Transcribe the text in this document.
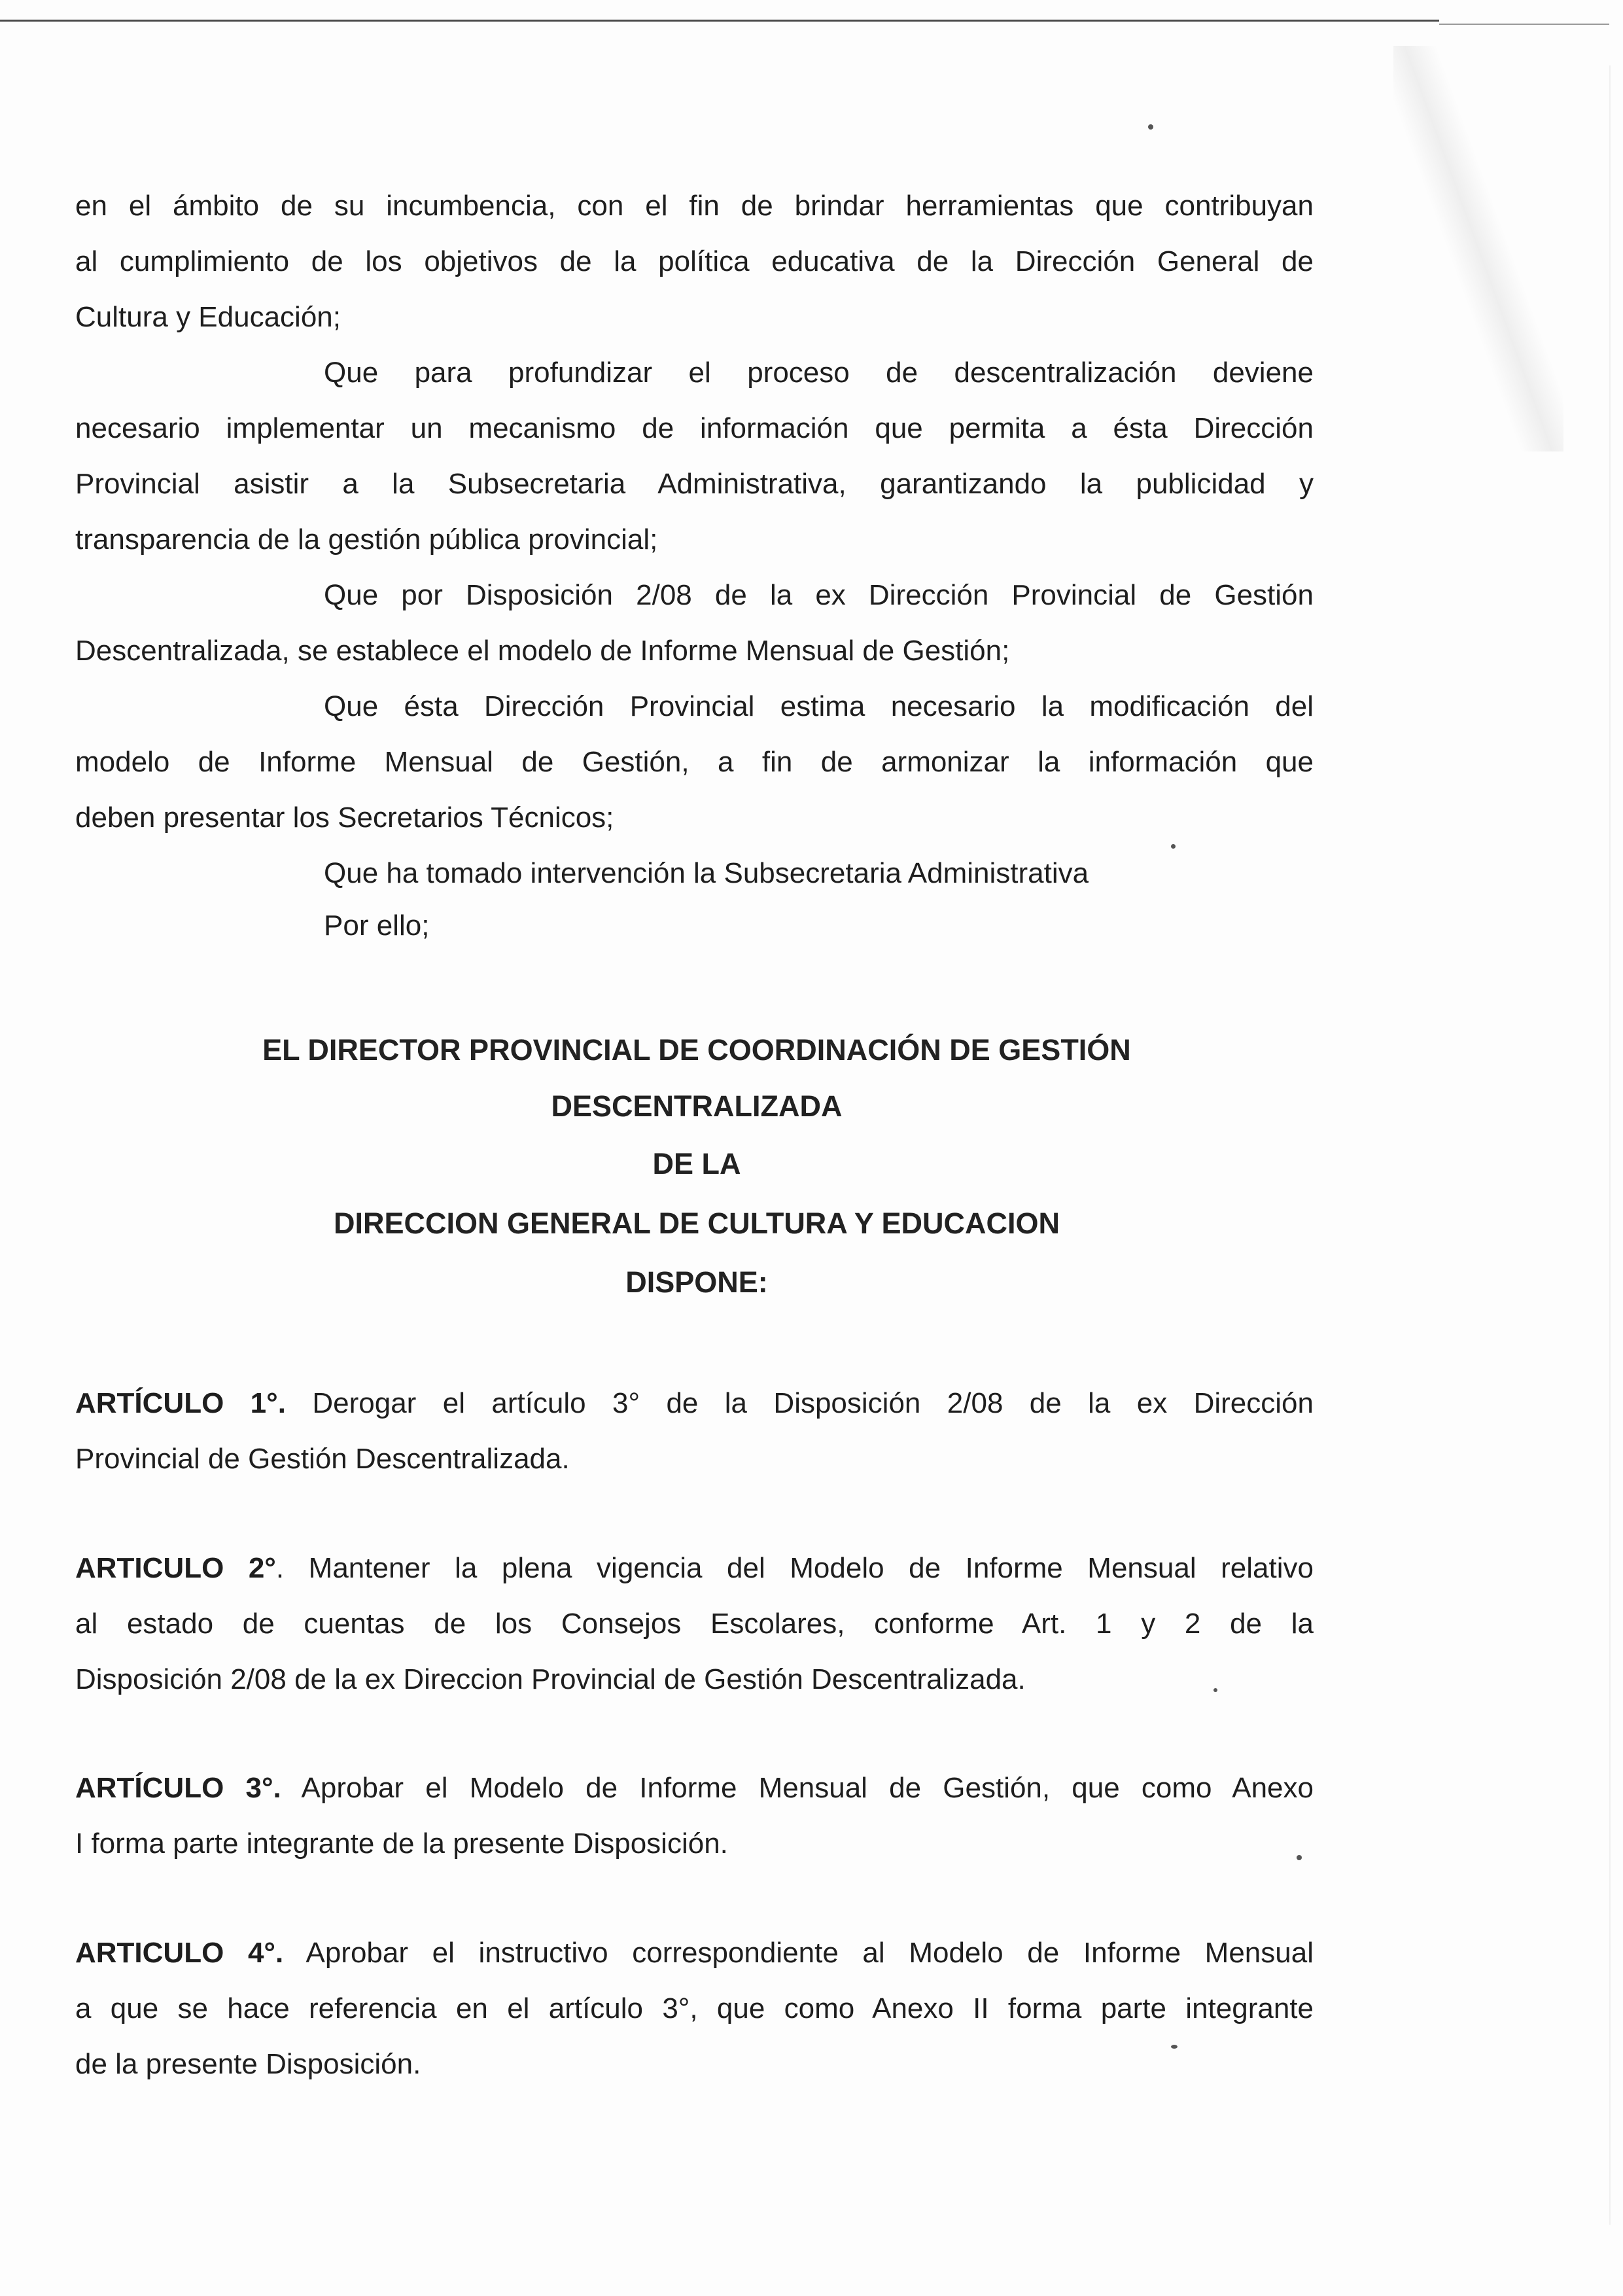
en el ámbito de su incumbencia, con el fin de brindar herramientas que contribuyan
al cumplimiento de los objetivos de la política educativa de la Dirección General de
Cultura y Educación;
Que para profundizar el proceso de descentralización deviene
necesario implementar un mecanismo de información que permita a ésta Dirección
Provincial asistir a la Subsecretaria Administrativa, garantizando la publicidad y
transparencia de la gestión pública provincial;
Que por Disposición 2/08 de la ex Dirección Provincial de Gestión
Descentralizada, se establece el modelo de Informe Mensual de Gestión;
Que ésta Dirección Provincial estima necesario la modificación del
modelo de Informe Mensual de Gestión, a fin de armonizar la información que
deben presentar los Secretarios Técnicos;
Que ha tomado intervención la Subsecretaria Administrativa
Por ello;
EL DIRECTOR PROVINCIAL DE COORDINACIÓN DE GESTIÓN
DESCENTRALIZADA
DE LA
DIRECCION GENERAL DE CULTURA Y EDUCACION
DISPONE:
ARTÍCULO 1°. Derogar el artículo 3° de la Disposición 2/08 de la ex Dirección
Provincial de Gestión Descentralizada.
ARTICULO 2°. Mantener la plena vigencia del Modelo de Informe Mensual relativo
al estado de cuentas de los Consejos Escolares, conforme Art. 1 y 2 de la
Disposición 2/08 de la ex Direccion Provincial de Gestión Descentralizada.
ARTÍCULO 3°. Aprobar el Modelo de Informe Mensual de Gestión, que como Anexo
I forma parte integrante de la presente Disposición.
ARTICULO 4°. Aprobar el instructivo correspondiente al Modelo de Informe Mensual
a que se hace referencia en el artículo 3°, que como Anexo II forma parte integrante
de la presente Disposición.
